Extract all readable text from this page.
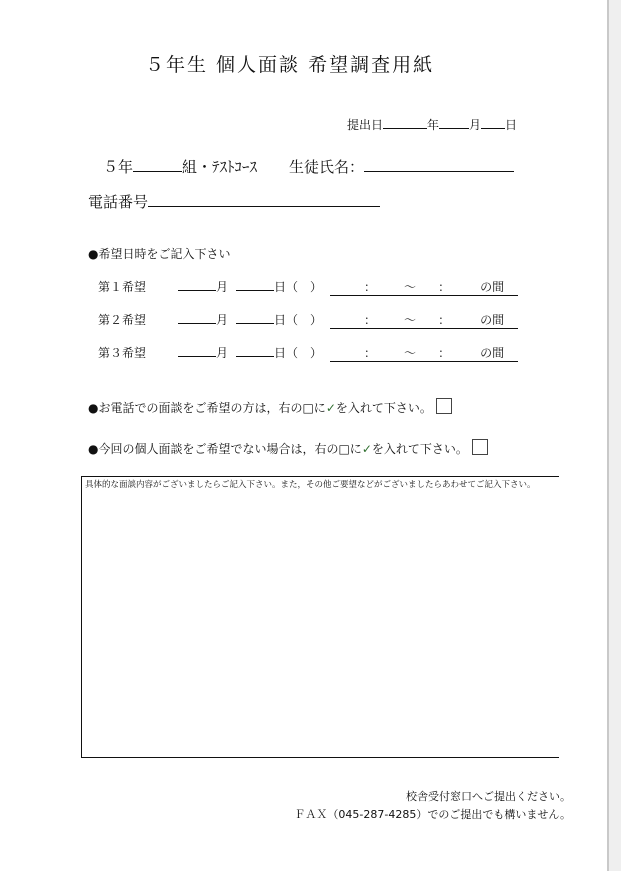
５年生 個人面談 希望調査用紙
提出日	年	月 日
５年	組・ﾃｽﾄｺｰｽ 生徒氏名：
電話番号
●希望日時をご記入下さい
第１希望	月	日（　）	： 〜 ：	の間
第２希望	月	日（　）	： 〜 ：	の間
第３希望	月	日（　）	： 〜 ：	の間
●お電話での面談をご希望の方は，右の□に✓を入れて下さい。
●今回の個人面談をご希望でない場合は，右の□に✓を入れて下さい。
具体的な面談内容がございましたらご記入下さい。また，その他ご要望などがございましたらあわせてご記入下さい。
校舎受付窓口へご提出ください。
ＦＡＸ（045-287-4285）でのご提出でも構いません。
